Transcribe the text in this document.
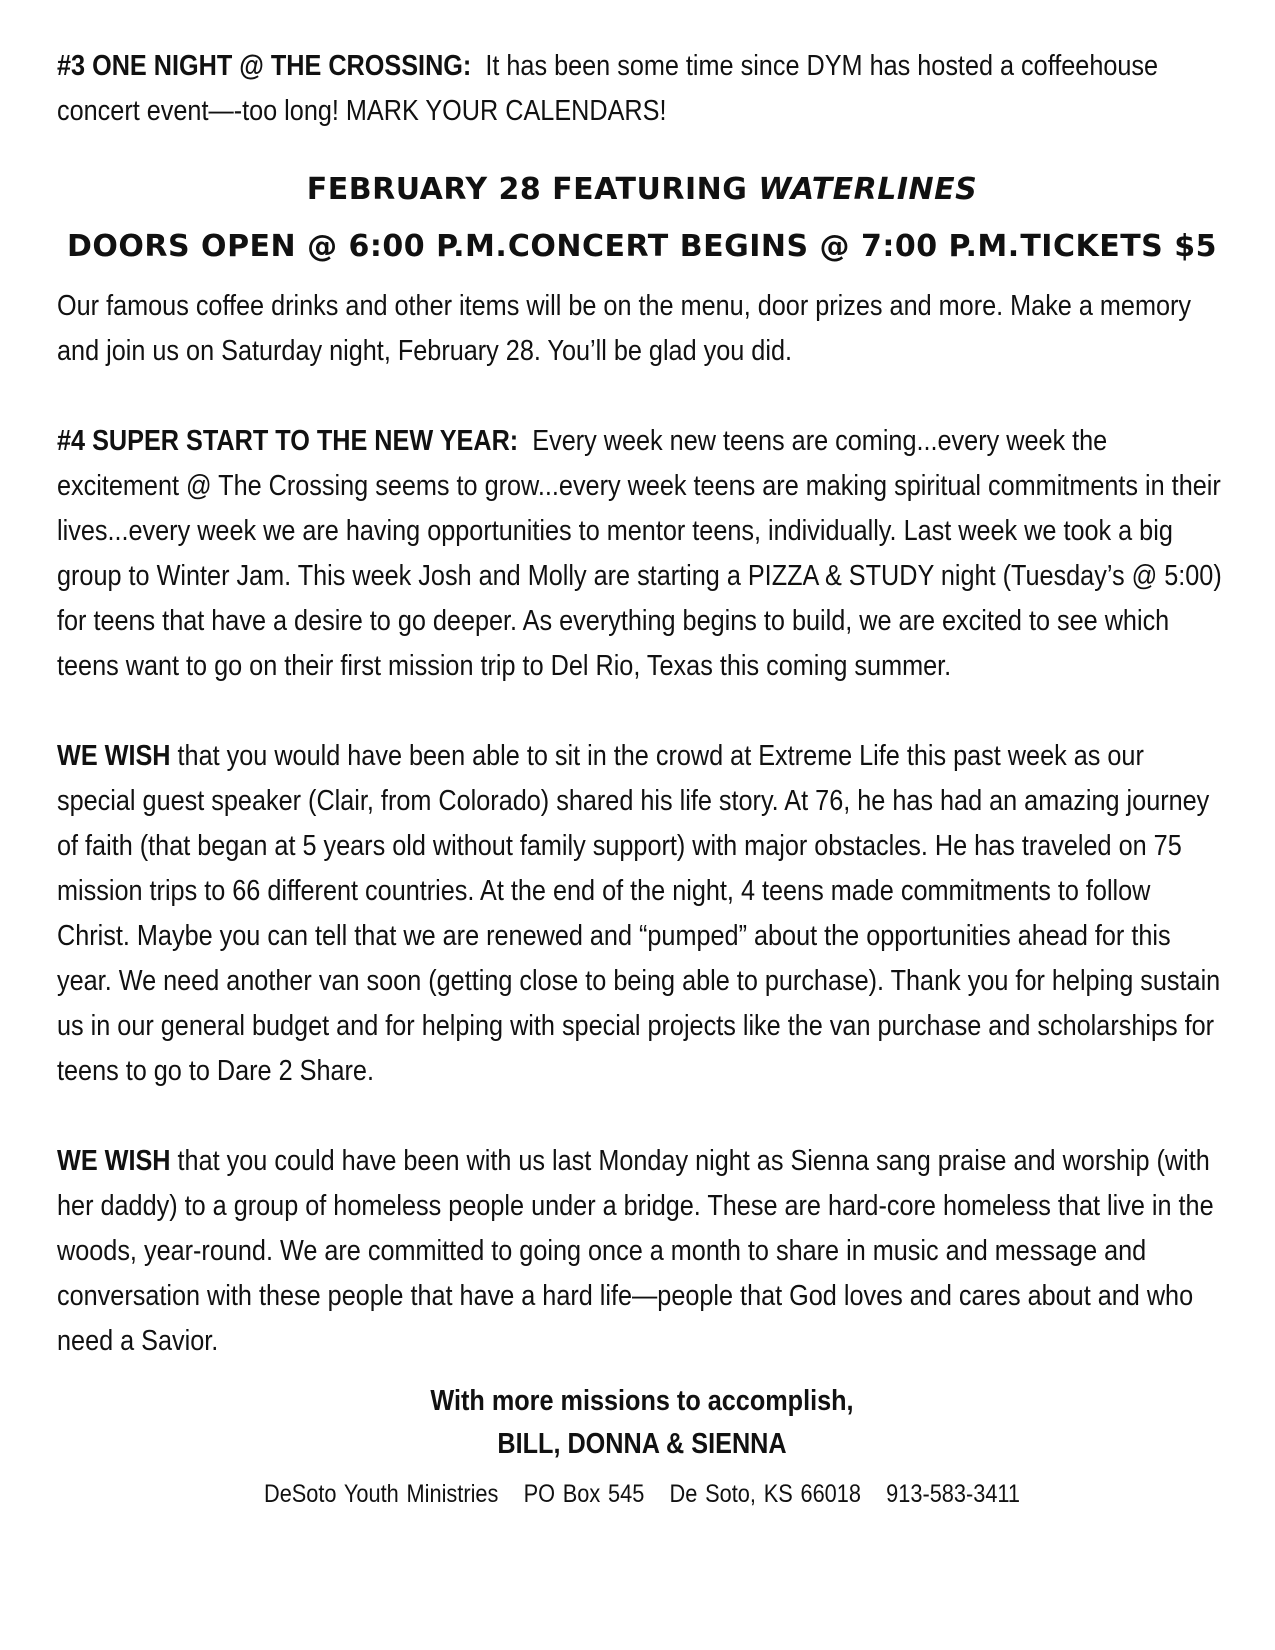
#3 ONE NIGHT @ THE CROSSING: It has been some time since DYM has hosted a coffeehouse concert event—-too long! MARK YOUR CALENDARS!

FEBRUARY 28 FEATURING WATERLINES
DOORS OPEN @ 6:00 P.M. CONCERT BEGINS @ 7:00 P.M. TICKETS $5

Our famous coffee drinks and other items will be on the menu, door prizes and more. Make a memory and join us on Saturday night, February 28. You’ll be glad you did.

#4 SUPER START TO THE NEW YEAR: Every week new teens are coming...every week the excitement @ The Crossing seems to grow...every week teens are making spiritual commitments in their lives...every week we are having opportunities to mentor teens, individually. Last week we took a big group to Winter Jam. This week Josh and Molly are starting a PIZZA & STUDY night (Tuesday’s @ 5:00) for teens that have a desire to go deeper. As everything begins to build, we are excited to see which teens want to go on their first mission trip to Del Rio, Texas this coming summer.

WE WISH that you would have been able to sit in the crowd at Extreme Life this past week as our special guest speaker (Clair, from Colorado) shared his life story. At 76, he has had an amazing journey of faith (that began at 5 years old without family support) with major obstacles. He has traveled on 75 mission trips to 66 different countries. At the end of the night, 4 teens made commitments to follow Christ. Maybe you can tell that we are renewed and “pumped” about the opportunities ahead for this year. We need another van soon (getting close to being able to purchase). Thank you for helping sustain us in our general budget and for helping with special projects like the van purchase and scholarships for teens to go to Dare 2 Share.

WE WISH that you could have been with us last Monday night as Sienna sang praise and worship (with her daddy) to a group of homeless people under a bridge. These are hard-core homeless that live in the woods, year-round. We are committed to going once a month to share in music and message and conversation with these people that have a hard life—people that God loves and cares about and who need a Savior.

With more missions to accomplish,

BILL, DONNA & SIENNA

DeSoto Youth Ministries PO Box 545 De Soto, KS 66018 913-583-3411
